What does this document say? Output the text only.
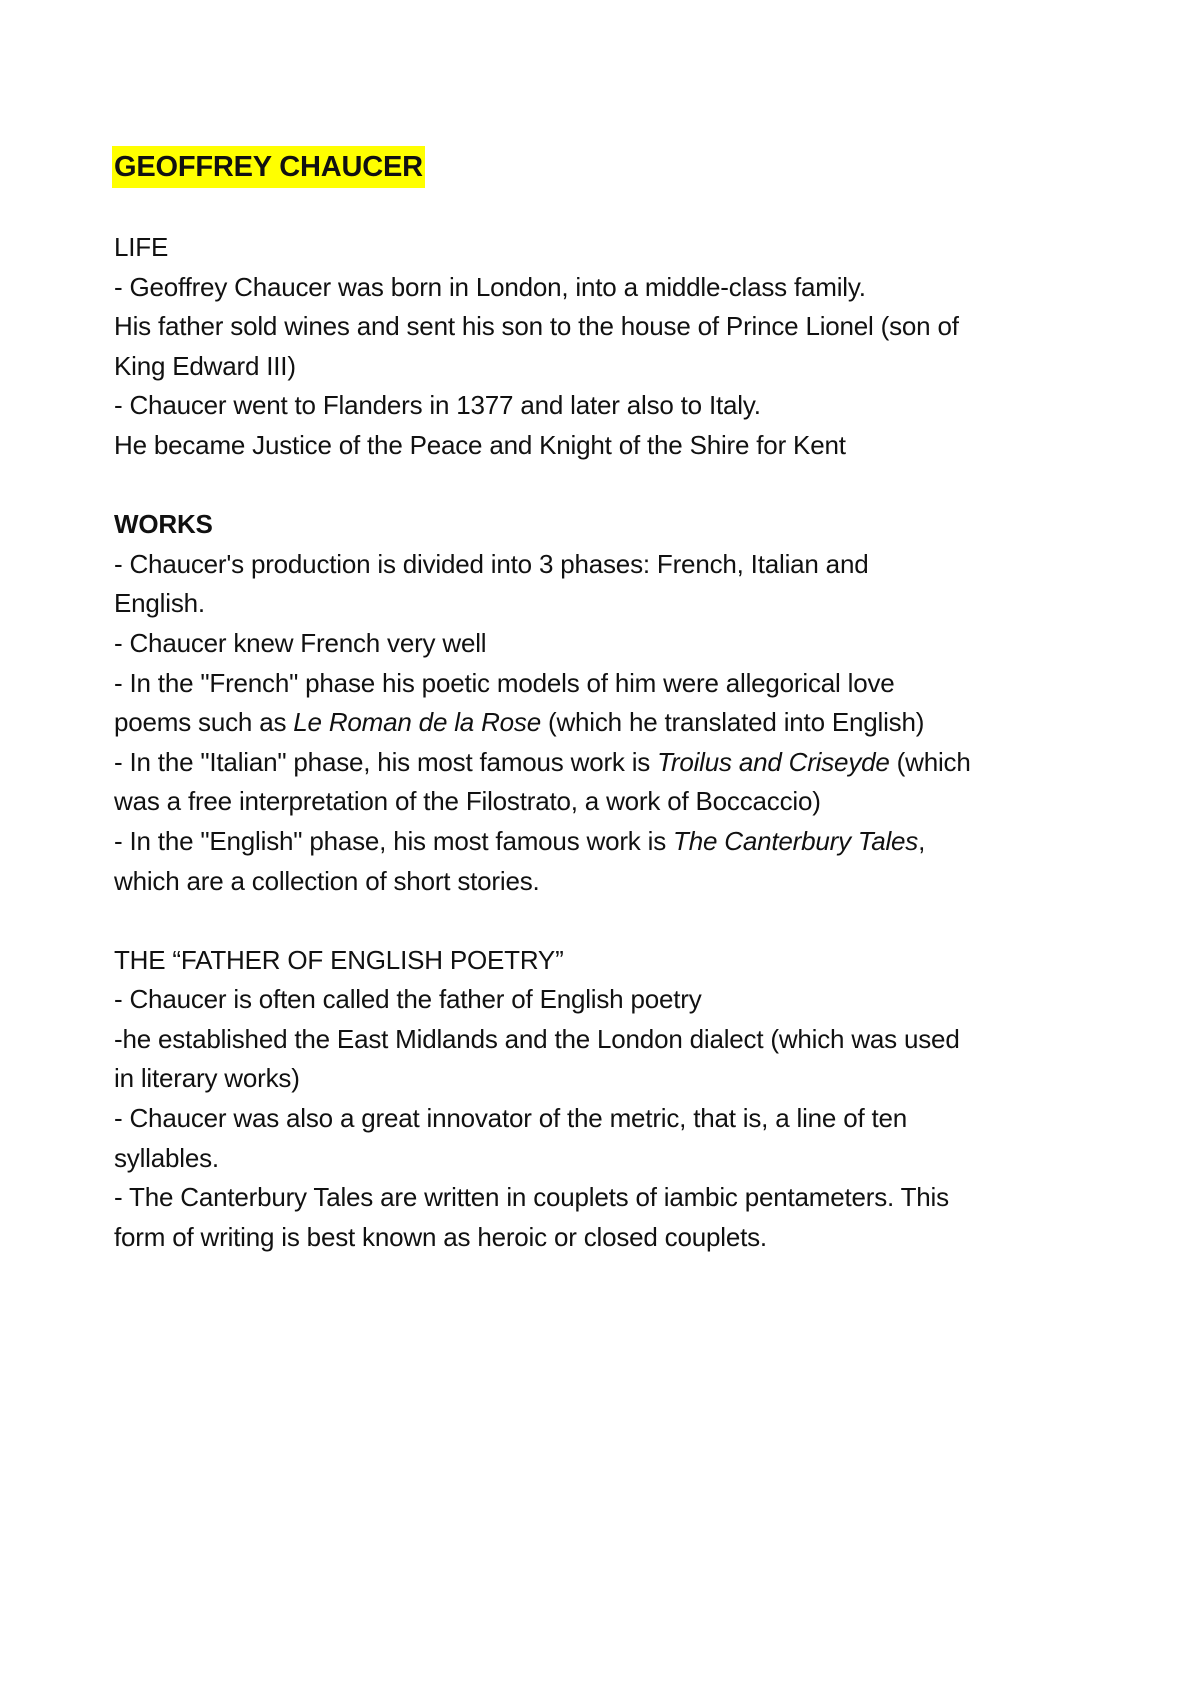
GEOFFREY CHAUCER

LIFE

- Geoffrey Chaucer was born in London, into a middle-class family.

His father sold wines and sent his son to the house of Prince Lionel (son of

King Edward III)

- Chaucer went to Flanders in 1377 and later also to Italy.

He became Justice of the Peace and Knight of the Shire for Kent

WORKS

- Chaucer's production is divided into 3 phases: French, Italian and

English.

- Chaucer knew French very well

- In the "French" phase his poetic models of him were allegorical love

poems such as Le Roman de la Rose (which he translated into English)

- In the "Italian" phase, his most famous work is Troilus and Criseyde (which

was a free interpretation of the Filostrato, a work of Boccaccio)

- In the "English" phase, his most famous work is The Canterbury Tales,

which are a collection of short stories.

THE “FATHER OF ENGLISH POETRY”

- Chaucer is often called the father of English poetry

-he established the East Midlands and the London dialect (which was used

in literary works)

- Chaucer was also a great innovator of the metric, that is, a line of ten

syllables.

- The Canterbury Tales are written in couplets of iambic pentameters. This

form of writing is best known as heroic or closed couplets.
